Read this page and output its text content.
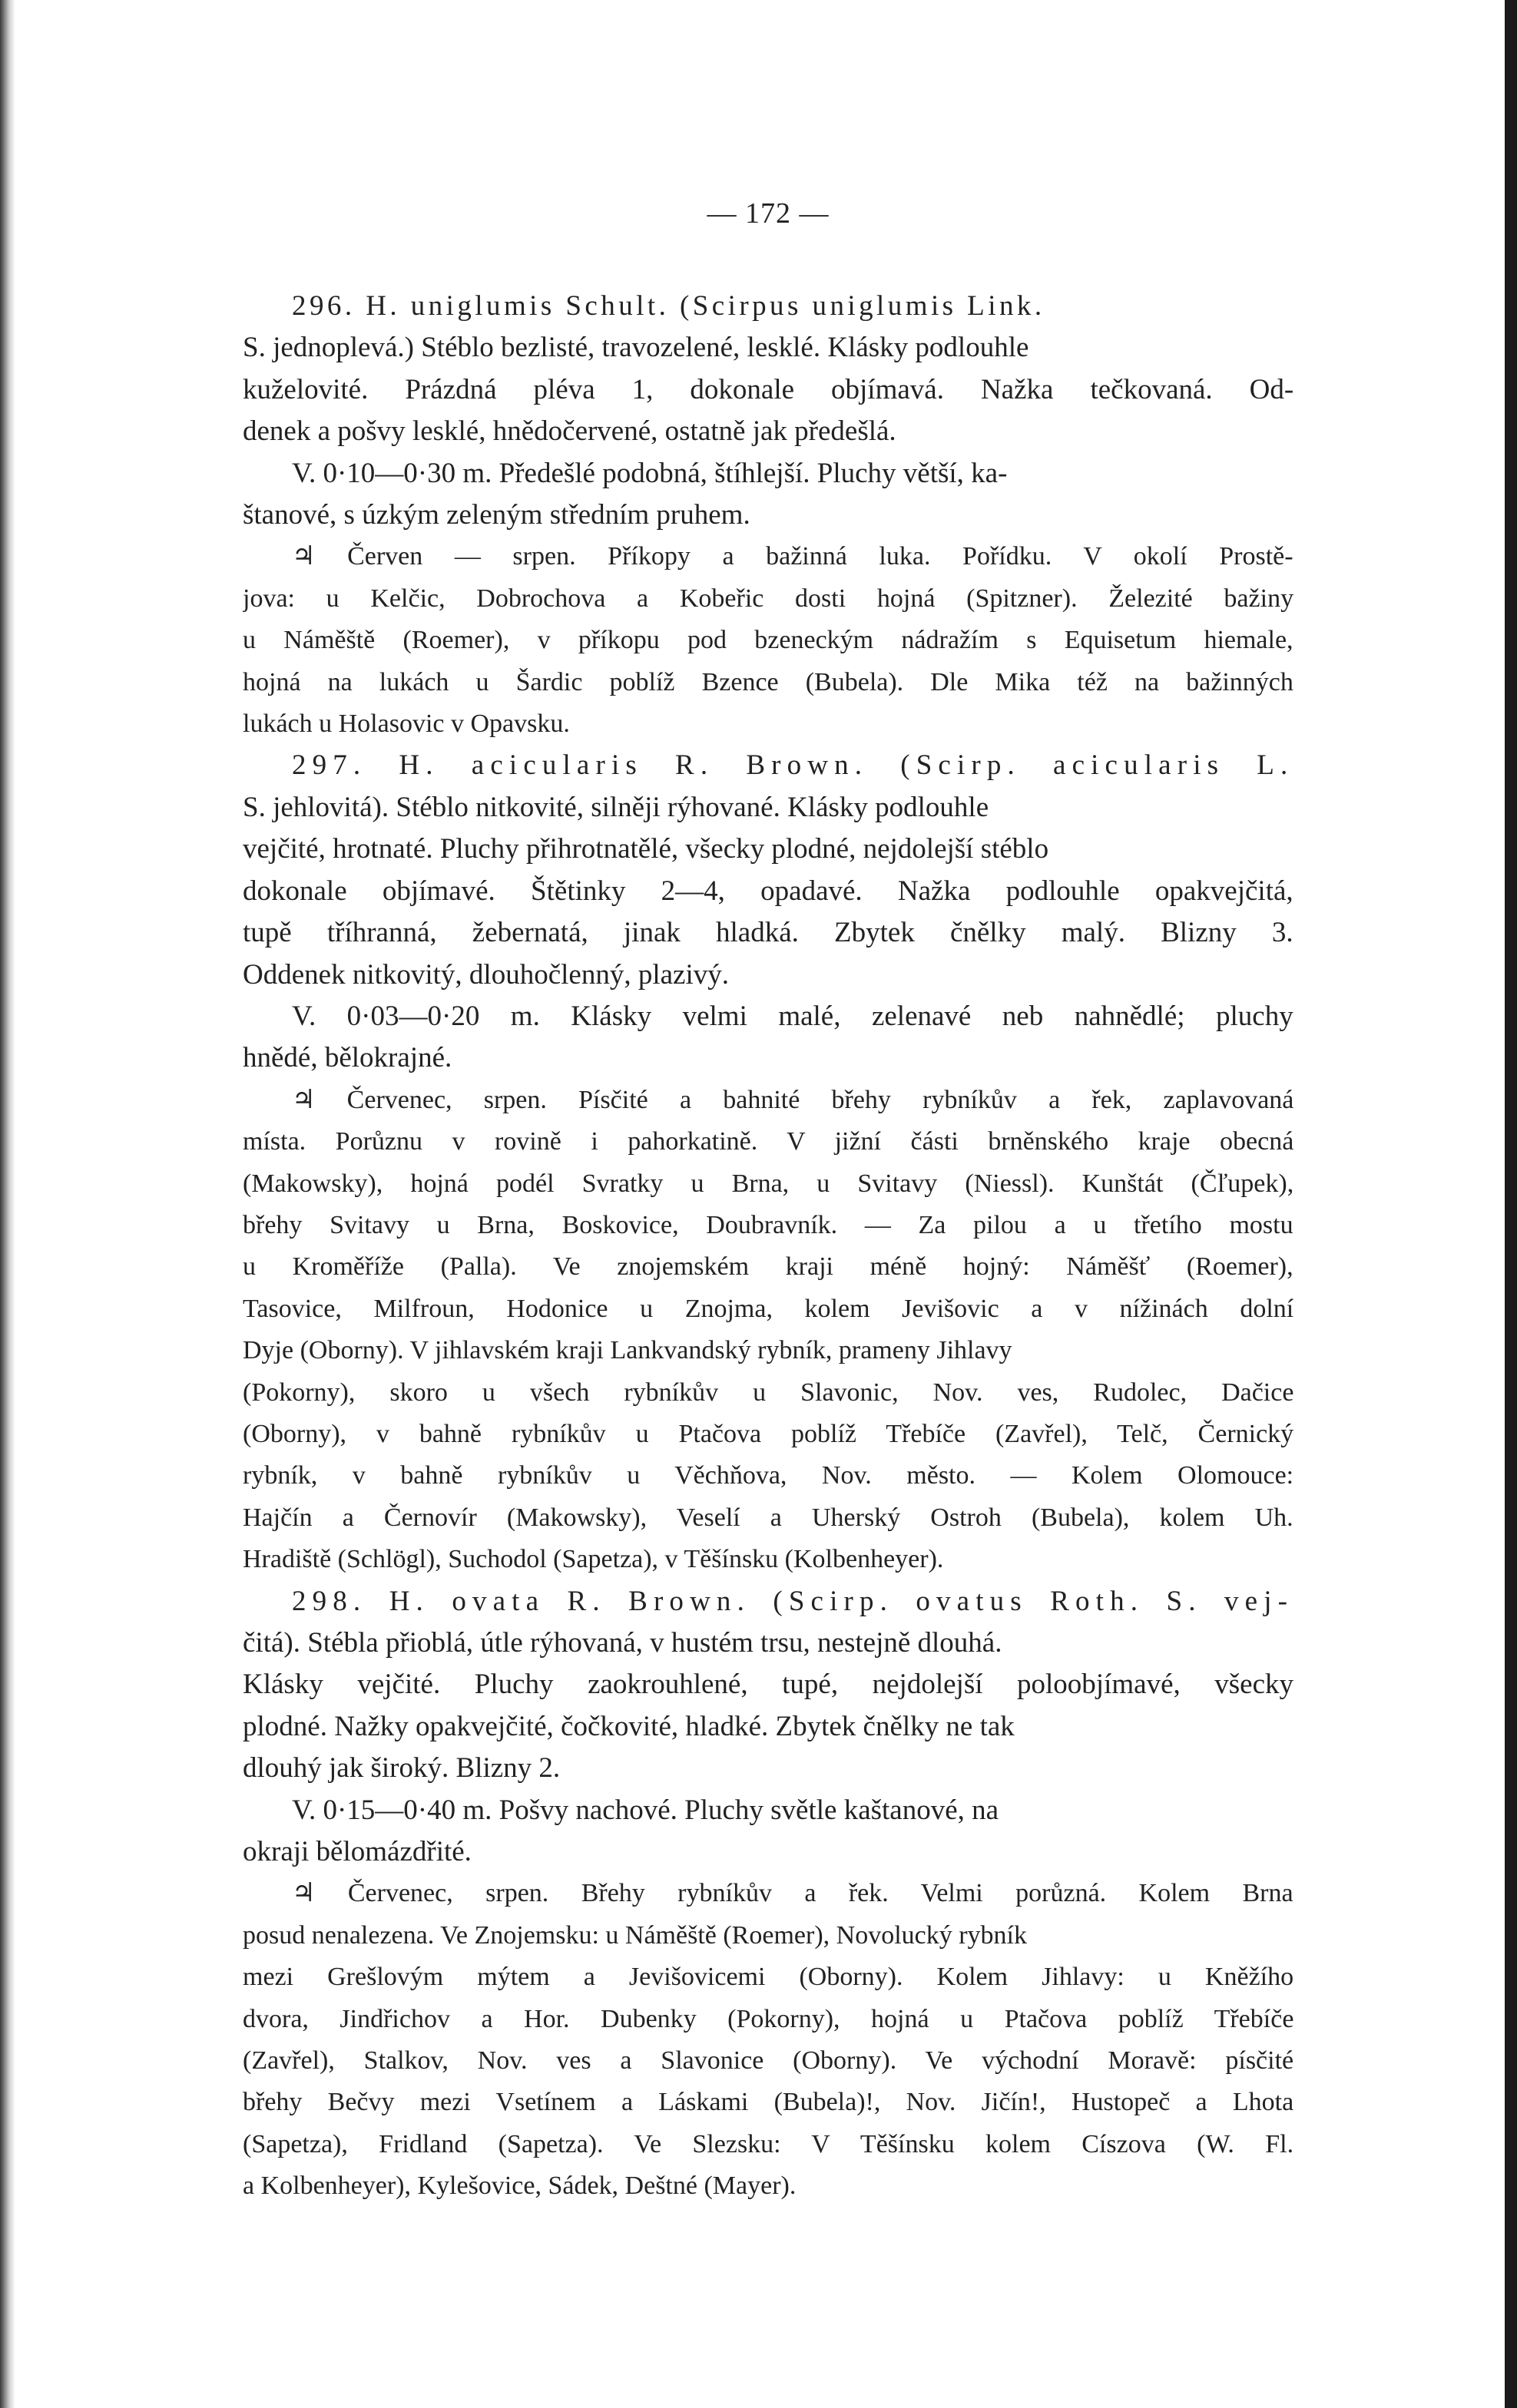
— 172 —
296. H. uniglumis Schult. (Scirpus uniglumis Link.
S. jednoplevá.) Stéblo bezlisté, travozelené, lesklé. Klásky podlouhle
kuželovité. Prázdná pléva 1, dokonale objímavá. Nažka tečkovaná. Od-
denek a pošvy lesklé, hnědočervené, ostatně jak předešlá.
V. 0·10—0·30 m. Předešlé podobná, štíhlejší. Pluchy větší, ka-
štanové, s úzkým zeleným středním pruhem.
♃ Červen — srpen. Příkopy a bažinná luka. Pořídku. V okolí Prostě-
jova: u Kelčic, Dobrochova a Kobeřic dosti hojná (Spitzner). Železité bažiny
u Náměště (Roemer), v příkopu pod bzeneckým nádražím s Equisetum hiemale,
hojná na lukách u Šardic poblíž Bzence (Bubela). Dle Mika též na bažinných
lukách u Holasovic v Opavsku.
297. H. acicularis R. Brown. (Scirp. acicularis L.
S. jehlovitá). Stéblo nitkovité, silněji rýhované. Klásky podlouhle
vejčité, hrotnaté. Pluchy přihrotnatělé, všecky plodné, nejdolejší stéblo
dokonale objímavé. Štětinky 2—4, opadavé. Nažka podlouhle opakvejčitá,
tupě tříhranná, žebernatá, jinak hladká. Zbytek čnělky malý. Blizny 3.
Oddenek nitkovitý, dlouhočlenný, plazivý.
V. 0·03—0·20 m. Klásky velmi malé, zelenavé neb nahnědlé; pluchy
hnědé, bělokrajné.
♃ Červenec, srpen. Písčité a bahnité břehy rybníkův a řek, zaplavovaná
místa. Porůznu v rovině i pahorkatině. V jižní části brněnského kraje obecná
(Makowsky), hojná podél Svratky u Brna, u Svitavy (Niessl). Kunštát (Čľupek),
břehy Svitavy u Brna, Boskovice, Doubravník. — Za pilou a u třetího mostu
u Kroměříže (Palla). Ve znojemském kraji méně hojný: Náměšť (Roemer),
Tasovice, Milfroun, Hodonice u Znojma, kolem Jevišovic a v nížinách dolní
Dyje (Oborny). V jihlavském kraji Lankvandský rybník, prameny Jihlavy
(Pokorny), skoro u všech rybníkův u Slavonic, Nov. ves, Rudolec, Dačice
(Oborny), v bahně rybníkův u Ptačova poblíž Třebíče (Zavřel), Telč, Černický
rybník, v bahně rybníkův u Věchňova, Nov. město. — Kolem Olomouce:
Hajčín a Černovír (Makowsky), Veselí a Uherský Ostroh (Bubela), kolem Uh.
Hradiště (Schlögl), Suchodol (Sapetza), v Těšínsku (Kolbenheyer).
298. H. ovata R. Brown. (Scirp. ovatus Roth. S. vej-
čitá). Stébla přioblá, útle rýhovaná, v hustém trsu, nestejně dlouhá.
Klásky vejčité. Pluchy zaokrouhlené, tupé, nejdolejší poloobjímavé, všecky
plodné. Nažky opakvejčité, čočkovité, hladké. Zbytek čnělky ne tak
dlouhý jak široký. Blizny 2.
V. 0·15—0·40 m. Pošvy nachové. Pluchy světle kaštanové, na
okraji bělomázdřité.
♃ Červenec, srpen. Břehy rybníkův a řek. Velmi porůzná. Kolem Brna
posud nenalezena. Ve Znojemsku: u Náměště (Roemer), Novolucký rybník
mezi Grešlovým mýtem a Jevišovicemi (Oborny). Kolem Jihlavy: u Kněžího
dvora, Jindřichov a Hor. Dubenky (Pokorny), hojná u Ptačova poblíž Třebíče
(Zavřel), Stalkov, Nov. ves a Slavonice (Oborny). Ve východní Moravě: písčité
břehy Bečvy mezi Vsetínem a Láskami (Bubela)!, Nov. Jičín!, Hustopeč a Lhota
(Sapetza), Fridland (Sapetza). Ve Slezsku: V Těšínsku kolem Císzova (W. Fl.
a Kolbenheyer), Kylešovice, Sádek, Deštné (Mayer).
